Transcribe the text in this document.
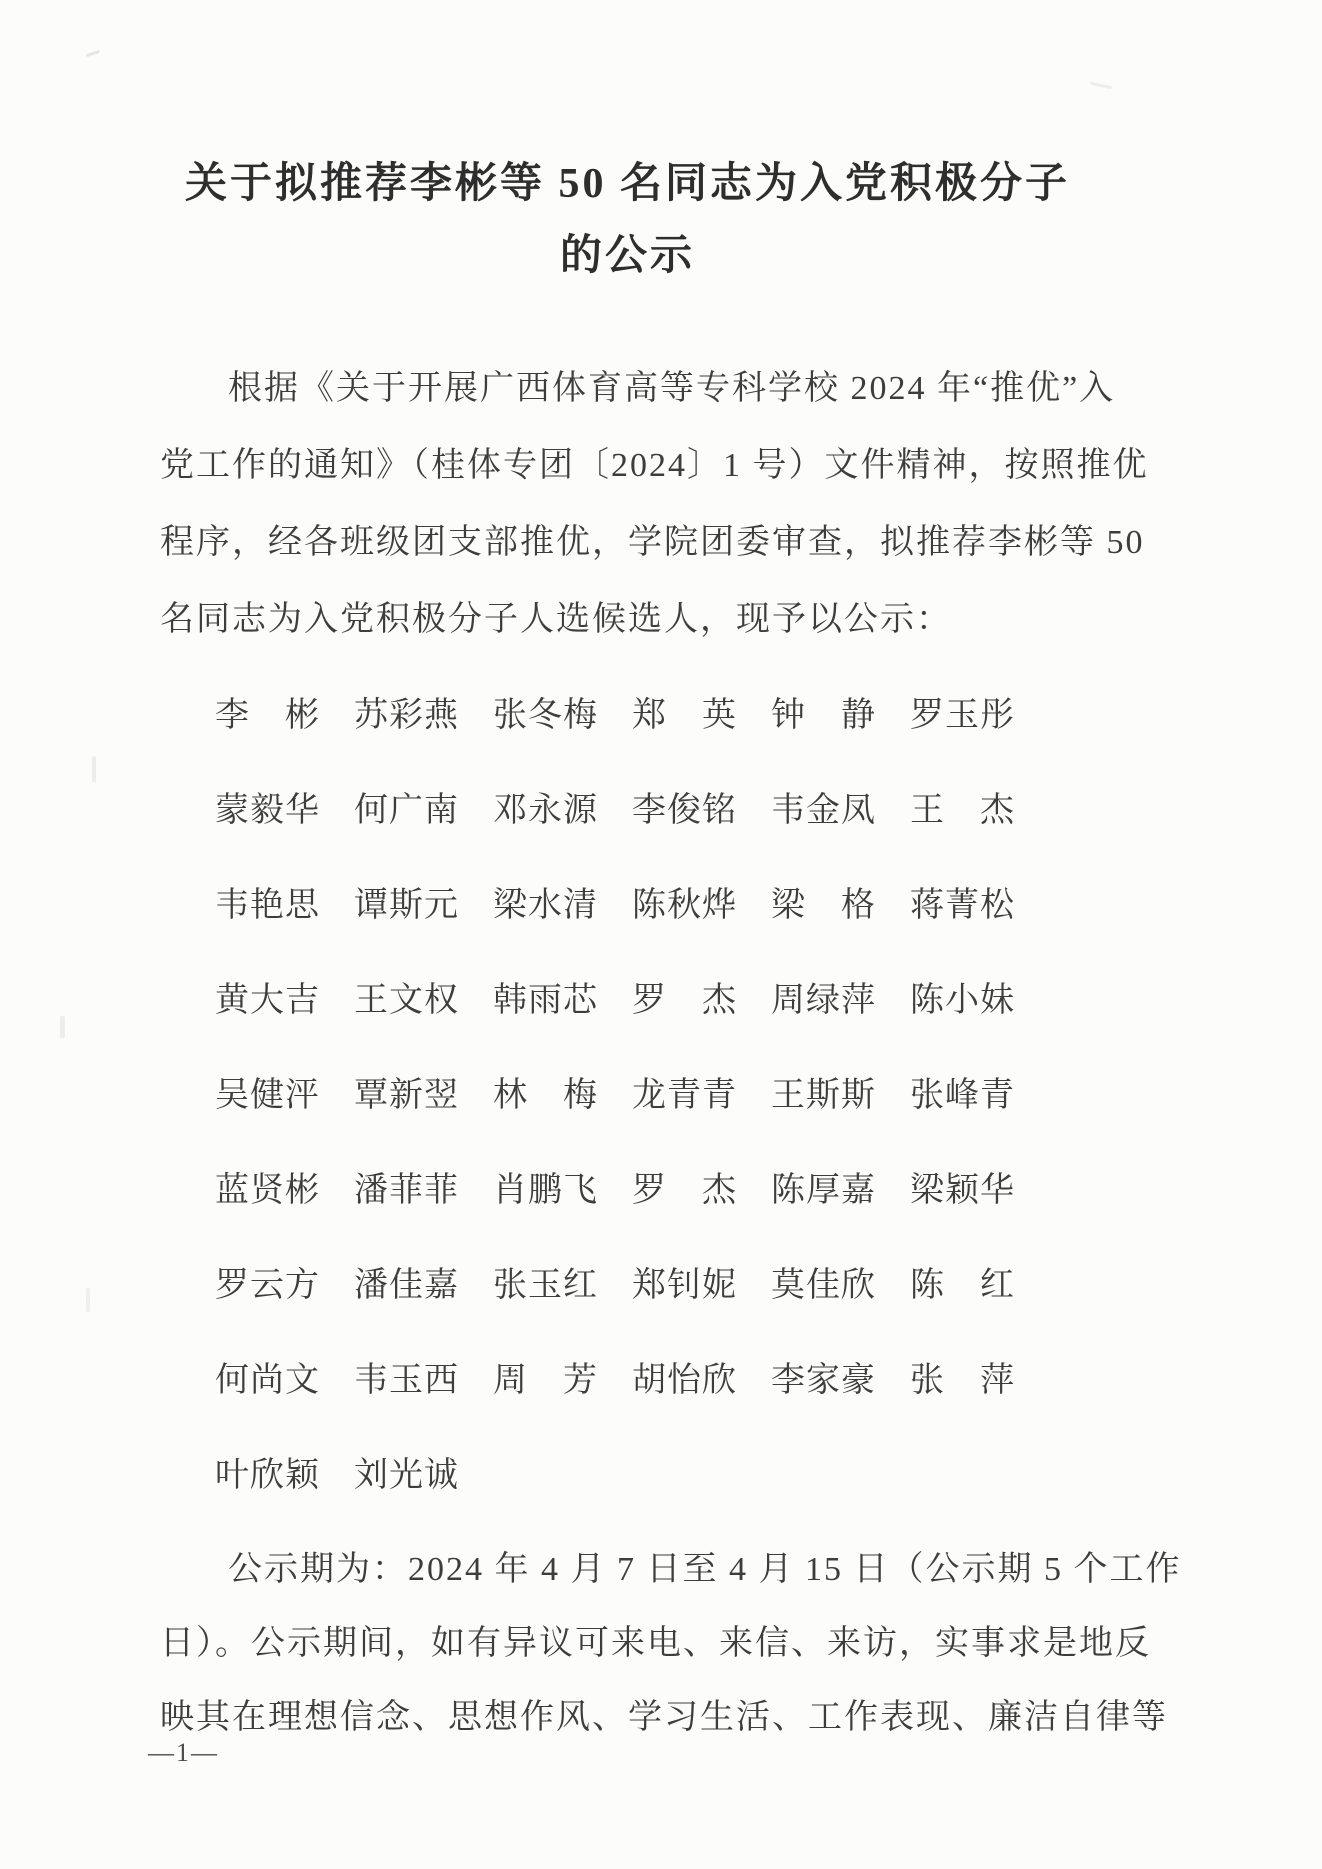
关于拟推荐李彬等 50 名同志为入党积极分子
的公示
根据《关于开展广西体育高等专科学校 2024 年“推优”入
党工作的通知》（桂体专团〔2024〕1 号）文件精神，按照推优
程序，经各班级团支部推优，学院团委审查，拟推荐李彬等 50
名同志为入党积极分子人选候选人，现予以公示：
李　彬 苏彩燕 张冬梅 郑　英 钟　静 罗玉彤
蒙毅华 何广南 邓永源 李俊铭 韦金凤 王　杰
韦艳思 谭斯元 梁水清 陈秋烨 梁　格 蒋菁松
黄大吉 王文权 韩雨芯 罗　杰 周绿萍 陈小妹
吴健泙 覃新翌 林　梅 龙青青 王斯斯 张峰青
蓝贤彬 潘菲菲 肖鹏飞 罗　杰 陈厚嘉 梁颖华
罗云方 潘佳嘉 张玉红 郑钊妮 莫佳欣 陈　红
何尚文 韦玉西 周　芳 胡怡欣 李家豪 张　萍
叶欣颖 刘光诚
公示期为：2024 年 4 月 7 日至 4 月 15 日（公示期 5 个工作
日）。公示期间，如有异议可来电、来信、来访，实事求是地反
映其在理想信念、思想作风、学习生活、工作表现、廉洁自律等
—1—
